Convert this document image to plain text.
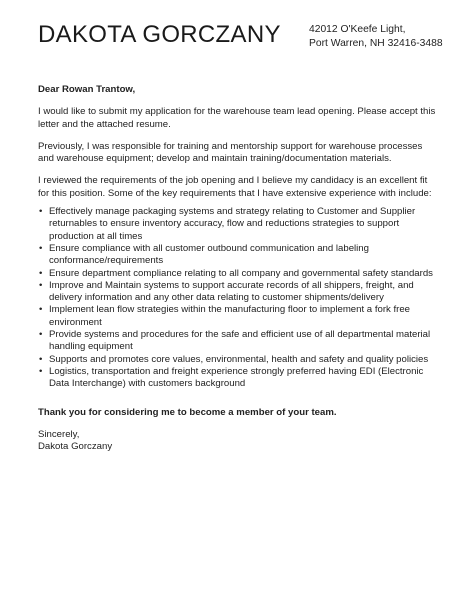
DAKOTA GORCZANY	42012 O'Keefe Light,
Port Warren, NH 32416-3488

Dear Rowan Trantow,

I would like to submit my application for the warehouse team lead opening. Please accept this letter and the attached resume.

Previously, I was responsible for training and mentorship support for warehouse processes and warehouse equipment; develop and maintain training/documentation materials.

I reviewed the requirements of the job opening and I believe my candidacy is an excellent fit for this position. Some of the key requirements that I have extensive experience with include:

• Effectively manage packaging systems and strategy relating to Customer and Supplier returnables to ensure inventory accuracy, flow and reductions strategies to support production at all times
• Ensure compliance with all customer outbound communication and labeling conformance/requirements
• Ensure department compliance relating to all company and governmental safety standards
• Improve and Maintain systems to support accurate records of all shippers, freight, and delivery information and any other data relating to customer shipments/delivery
• Implement lean flow strategies within the manufacturing floor to implement a fork free environment
• Provide systems and procedures for the safe and efficient use of all departmental material handling equipment
• Supports and promotes core values, environmental, health and safety and quality policies
• Logistics, transportation and freight experience strongly preferred having EDI (Electronic Data Interchange) with customers background

Thank you for considering me to become a member of your team.

Sincerely,

Dakota Gorczany
